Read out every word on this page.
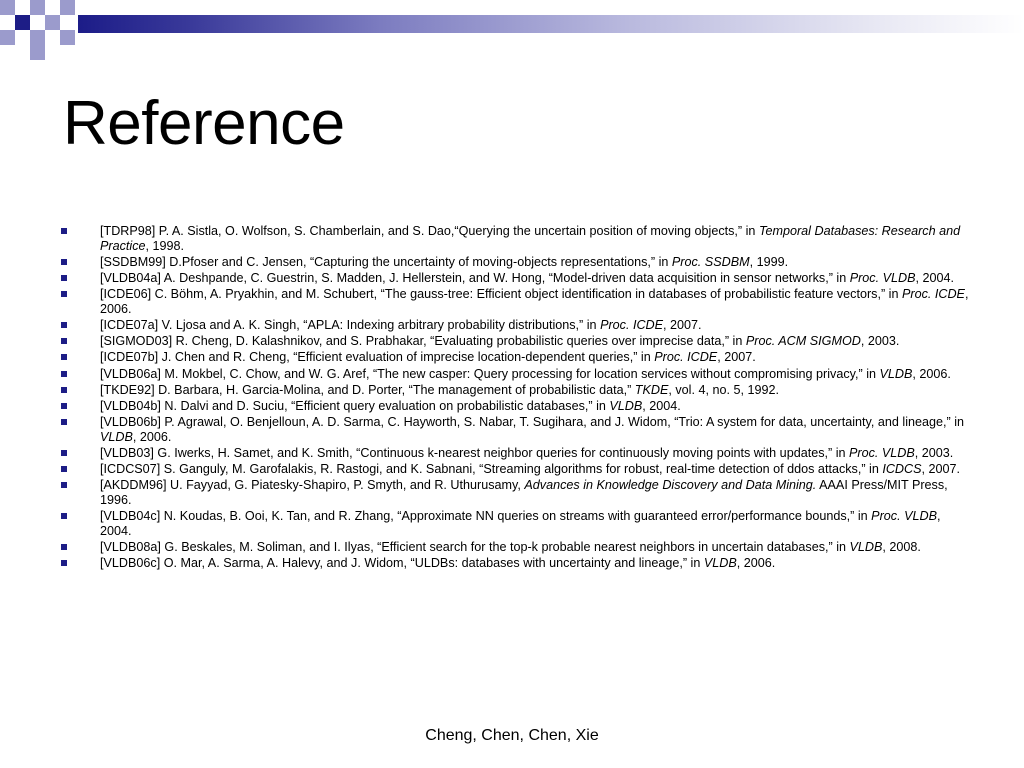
Reference
[TDRP98] P. A. Sistla, O. Wolfson, S. Chamberlain, and S. Dao,“Querying the uncertain position of moving objects,” in Temporal Databases: Research and Practice, 1998.
[SSDBM99] D.Pfoser and C. Jensen, “Capturing the uncertainty of moving-objects representations,” in Proc. SSDBM, 1999.
[VLDB04a] A. Deshpande, C. Guestrin, S. Madden, J. Hellerstein, and W. Hong, “Model-driven data acquisition in sensor networks,” in Proc. VLDB, 2004.
[ICDE06] C. Böhm, A. Pryakhin, and M. Schubert, “The gauss-tree: Efficient object identification in databases of probabilistic feature vectors,” in Proc. ICDE, 2006.
[ICDE07a] V. Ljosa and A. K. Singh, “APLA: Indexing arbitrary probability distributions,” in Proc. ICDE, 2007.
[SIGMOD03] R. Cheng, D. Kalashnikov, and S. Prabhakar, “Evaluating probabilistic queries over imprecise data,” in Proc. ACM SIGMOD, 2003.
[ICDE07b] J. Chen and R. Cheng, “Efficient evaluation of imprecise location-dependent queries,” in Proc. ICDE, 2007.
[VLDB06a] M. Mokbel, C. Chow, and W. G. Aref, “The new casper: Query processing for location services without compromising privacy,” in VLDB, 2006.
[TKDE92] D. Barbara, H. Garcia-Molina, and D. Porter, “The management of probabilistic data,” TKDE, vol. 4, no. 5, 1992.
[VLDB04b] N. Dalvi and D. Suciu, “Efficient query evaluation on probabilistic databases,” in VLDB, 2004.
[VLDB06b] P. Agrawal, O. Benjelloun, A. D. Sarma, C. Hayworth, S. Nabar, T. Sugihara, and J. Widom, “Trio: A system for data, uncertainty, and lineage,” in VLDB, 2006.
[VLDB03] G. Iwerks, H. Samet, and K. Smith, “Continuous k-nearest neighbor queries for continuously moving points with updates,” in Proc. VLDB, 2003.
[ICDCS07] S. Ganguly, M. Garofalakis, R. Rastogi, and K. Sabnani, “Streaming algorithms for robust, real-time detection of ddos attacks,” in ICDCS, 2007.
[AKDDM96] U. Fayyad, G. Piatesky-Shapiro, P. Smyth, and R. Uthurusamy, Advances in Knowledge Discovery and Data Mining. AAAI Press/MIT Press, 1996.
[VLDB04c] N. Koudas, B. Ooi, K. Tan, and R. Zhang, “Approximate NN queries on streams with guaranteed error/performance bounds,” in Proc. VLDB, 2004.
[VLDB08a] G. Beskales, M. Soliman, and I. Ilyas, “Efficient search for the top-k probable nearest neighbors in uncertain databases,” in VLDB, 2008.
[VLDB06c] O. Mar, A. Sarma, A. Halevy, and J. Widom, “ULDBs: databases with uncertainty and lineage,” in VLDB, 2006.
Cheng, Chen, Chen, Xie
